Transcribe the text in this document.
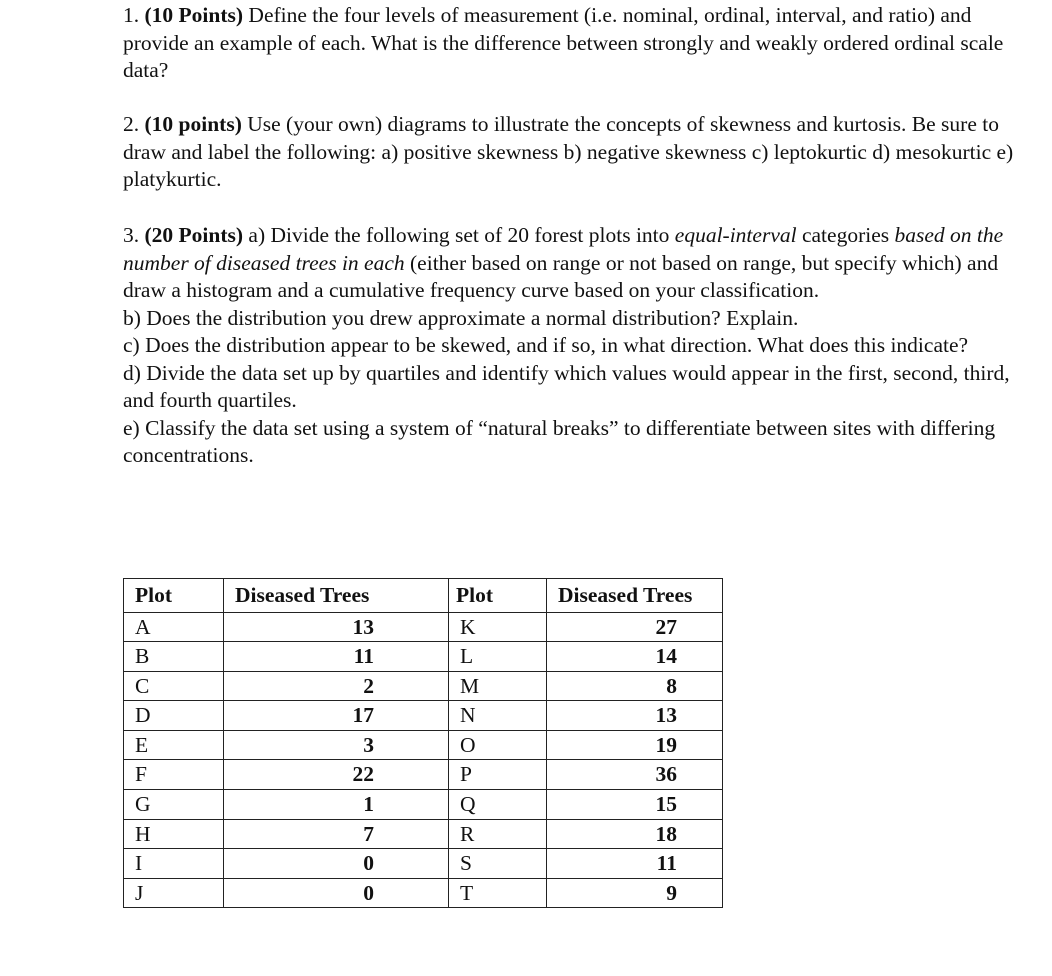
1. (10 Points) Define the four levels of measurement (i.e. nominal, ordinal, interval, and ratio) and provide an example of each. What is the difference between strongly and weakly ordered ordinal scale data?

2. (10 points) Use (your own) diagrams to illustrate the concepts of skewness and kurtosis. Be sure to draw and label the following: a) positive skewness b) negative skewness c) leptokurtic d) mesokurtic e) platykurtic.

3. (20 Points) a) Divide the following set of 20 forest plots into equal-interval categories based on the number of diseased trees in each (either based on range or not based on range, but specify which) and draw a histogram and a cumulative frequency curve based on your classification.

b) Does the distribution you drew approximate a normal distribution? Explain.

c) Does the distribution appear to be skewed, and if so, in what direction. What does this indicate?

d) Divide the data set up by quartiles and identify which values would appear in the first, second, third, and fourth quartiles.

e) Classify the data set using a system of “natural breaks” to differentiate between sites with differing concentrations.

Plot	Diseased Trees	Plot	Diseased Trees
A	13	K	27
B	11	L	14
C	2	M	8
D	17	N	13
E	3	O	19
F	22	P	36
G	1	Q	15
H	7	R	18
I	0	S	11
J	0	T	9
